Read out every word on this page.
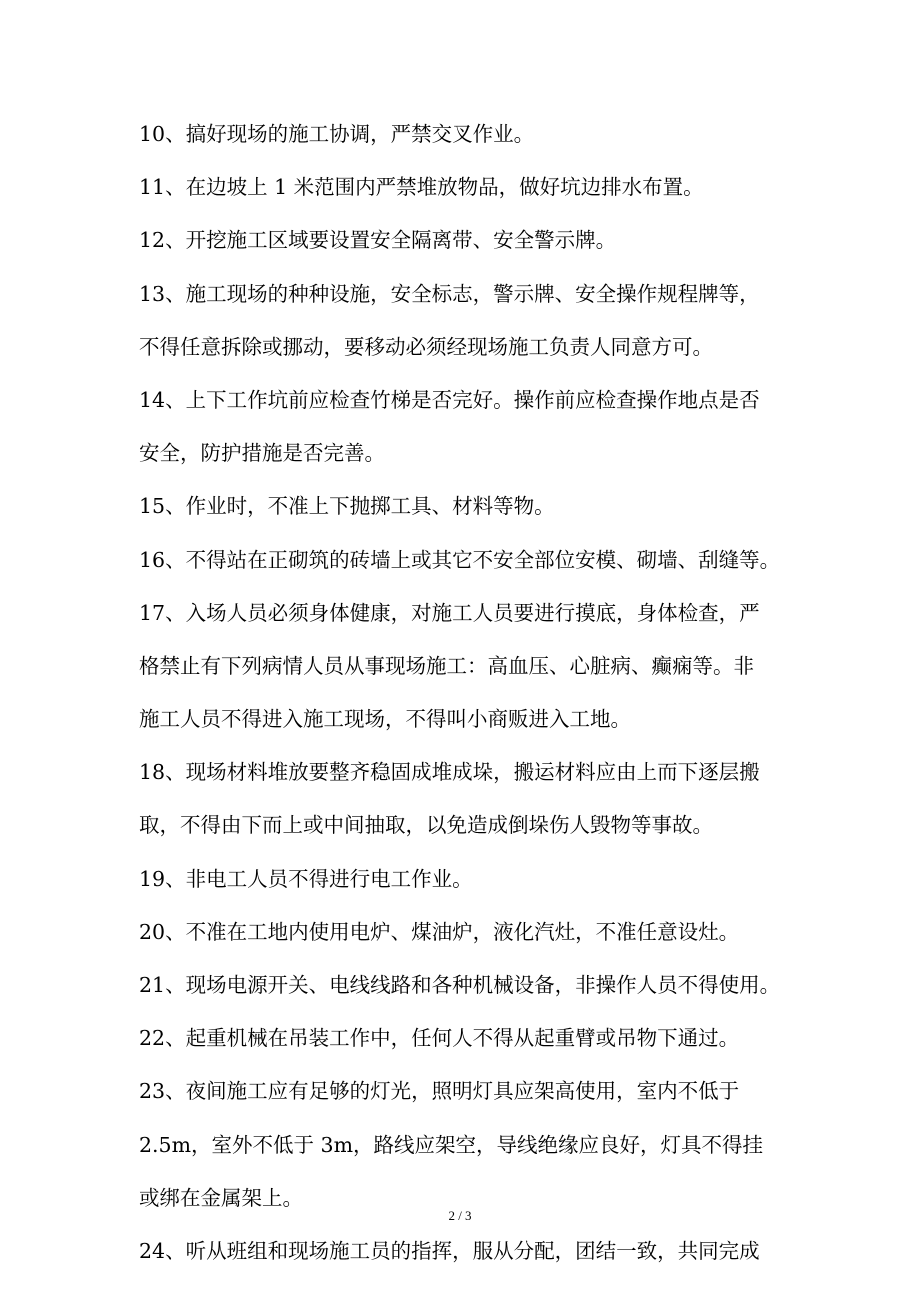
10、搞好现场的施工协调，严禁交叉作业。
11、在边坡上 1 米范围内严禁堆放物品，做好坑边排水布置。
12、开挖施工区域要设置安全隔离带、安全警示牌。
13、施工现场的种种设施，安全标志，警示牌、安全操作规程牌等，
不得任意拆除或挪动，要移动必须经现场施工负责人同意方可。
14、上下工作坑前应检查竹梯是否完好。操作前应检查操作地点是否
安全，防护措施是否完善。
15、作业时，不准上下抛掷工具、材料等物。
16、不得站在正砌筑的砖墙上或其它不安全部位安模、砌墙、刮缝等。
17、入场人员必须身体健康，对施工人员要进行摸底，身体检查，严
格禁止有下列病情人员从事现场施工：高血压、心脏病、癫痫等。非
施工人员不得进入施工现场，不得叫小商贩进入工地。
18、现场材料堆放要整齐稳固成堆成垛，搬运材料应由上而下逐层搬
取，不得由下而上或中间抽取，以免造成倒垛伤人毁物等事故。
19、非电工人员不得进行电工作业。
20、不准在工地内使用电炉、煤油炉，液化汽灶，不准任意设灶。
21、现场电源开关、电线线路和各种机械设备，非操作人员不得使用。
22、起重机械在吊装工作中，任何人不得从起重臂或吊物下通过。
23、夜间施工应有足够的灯光，照明灯具应架高使用，室内不低于
2.5m，室外不低于 3m，路线应架空，导线绝缘应良好，灯具不得挂
或绑在金属架上。
24、听从班组和现场施工员的指挥，服从分配，团结一致，共同完成
2 / 3
